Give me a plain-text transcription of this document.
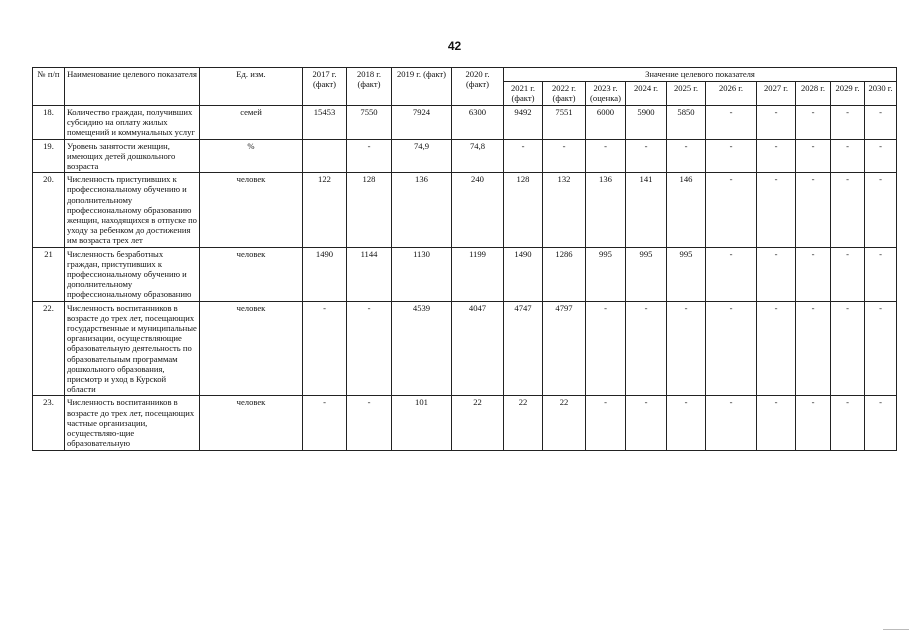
42
№ п/п	Наименование целевого показателя	Ед. изм.	2017 г. (факт)	2018 г. (факт)	2019 г. (факт)	2020 г. (факт)	Значение целевого показателя									
							2021 г. (факт)	2022 г. (факт)	2023 г. (оценка)	2024 г.	2025 г.	2026 г.	2027 г.	2028 г.	2029 г.	2030 г.
18.	Количество граждан, получивших субсидию на оплату жилых помещений и коммунальных услуг	семей	15453	7550	7924	6300	9492	7551	6000	5900	5850	-	-	-	-	-
19.	Уровень занятости женщин, имеющих детей дошкольного возраста	%		-	74,9	74,8	-	-	-	-	-	-	-	-	-	-
20.	Численность приступивших к профессиональному обучению и дополнительному профессиональному образованию женщин, находящихся в отпуске по уходу за ребенком до достижения им возраста трех лет	человек	122	128	136	240	128	132	136	141	146	-	-	-	-	-
21	Численность безработных граждан, приступивших к профессиональному обучению и дополнительному профессиональному образованию	человек	1490	1144	1130	1199	1490	1286	995	995	995	-	-	-	-	-
22.	Численность воспитанников в возрасте до трех лет, посещающих государственные и муниципальные организации, осуществляющие образовательную деятельность по образовательным программам дошкольного образования, присмотр и уход в Курской области	человек	-	-	4539	4047	4747	4797	-	-	-	-	-	-	-	-
23.	Численность воспитанников в возрасте до трех лет, посещающих частные организации, осуществляю-щие образовательную	человек	-	-	101	22	22	22	-	-	-	-	-	-	-	-
